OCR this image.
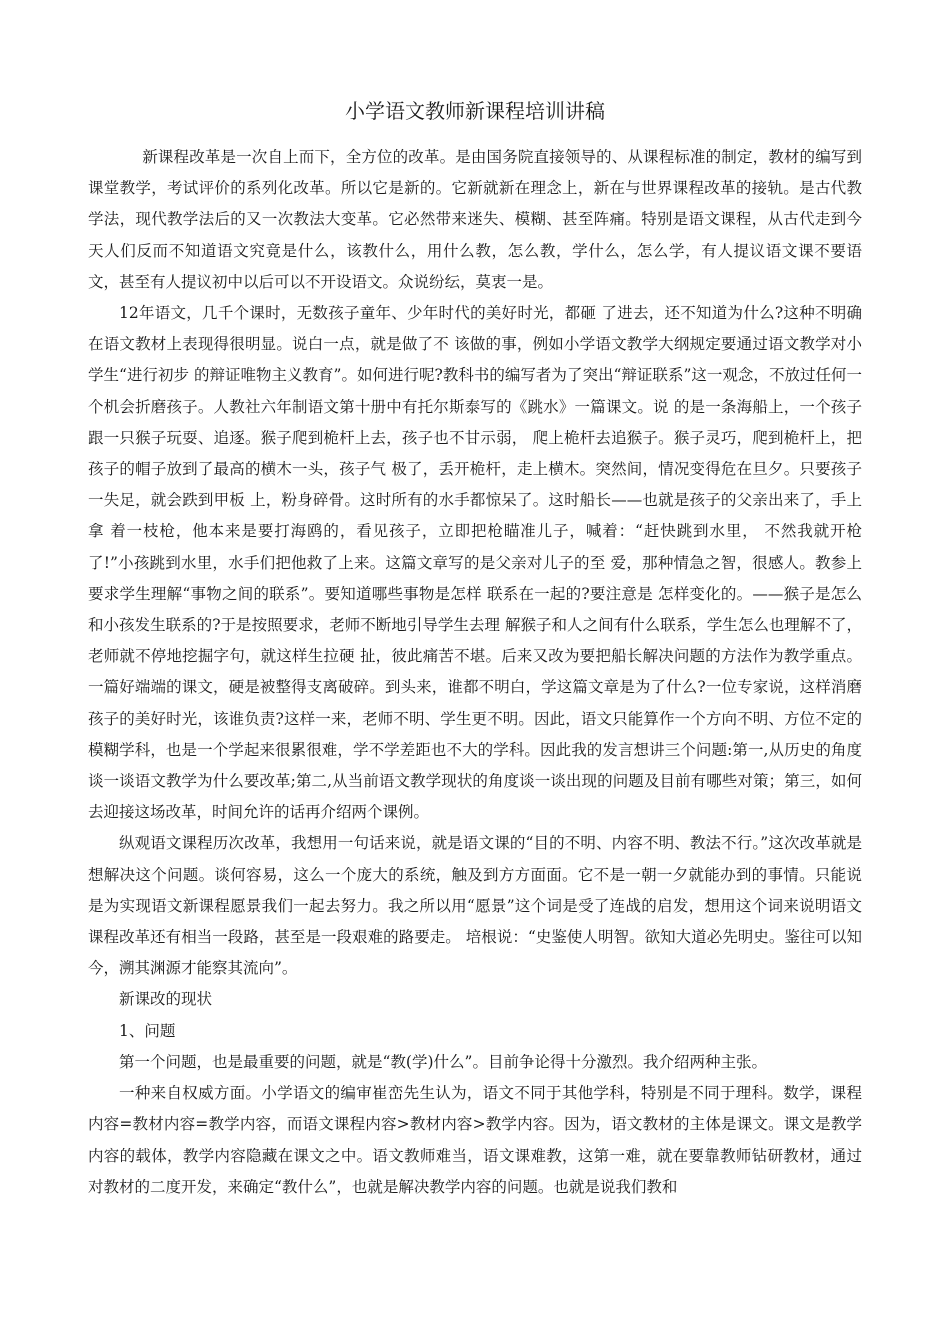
小学语文教师新课程培训讲稿

新课程改革是一次自上而下，全方位的改革。是由国务院直接领导的、从课程标准的制定，教材的编写到课堂教学，考试评价的系列化改革。所以它是新的。它新就新在理念上，新在与世界课程改革的接轨。是古代教学法，现代教学法后的又一次教法大变革。它必然带来迷失、模糊、甚至阵痛。特别是语文课程，从古代走到今天人们反而不知道语文究竟是什么，该教什么，用什么教，怎么教，学什么，怎么学，有人提议语文课不要语文，甚至有人提议初中以后可以不开设语文。众说纷纭，莫衷一是。

12年语文，几千个课时，无数孩子童年、少年时代的美好时光，都砸 了进去，还不知道为什么?这种不明确在语文教材上表现得很明显。说白一点，就是做了不 该做的事，例如小学语文教学大纲规定要通过语文教学对小学生“进行初步 的辩证唯物主义教育”。如何进行呢?教科书的编写者为了突出“辩证联系”这一观念，不放过任何一个机会折磨孩子。人教社六年制语文第十册中有托尔斯泰写的《跳水》一篇课文。说 的是一条海船上，一个孩子跟一只猴子玩耍、追逐。猴子爬到桅杆上去，孩子也不甘示弱， 爬上桅杆去追猴子。猴子灵巧，爬到桅杆上，把孩子的帽子放到了最高的横木一头，孩子气 极了，丢开桅杆，走上横木。突然间，情况变得危在旦夕。只要孩子一失足，就会跌到甲板 上，粉身碎骨。这时所有的水手都惊呆了。这时船长——也就是孩子的父亲出来了，手上拿 着一枝枪，他本来是要打海鸥的，看见孩子，立即把枪瞄准儿子，喊着：“赶快跳到水里， 不然我就开枪了!”小孩跳到水里，水手们把他救了上来。这篇文章写的是父亲对儿子的至 爱，那种情急之智，很感人。教参上要求学生理解“事物之间的联系”。要知道哪些事物是怎样 联系在一起的?要注意是 怎样变化的。——猴子是怎么和小孩发生联系的?于是按照要求，老师不断地引导学生去理 解猴子和人之间有什么联系，学生怎么也理解不了，老师就不停地挖掘字句，就这样生拉硬 扯，彼此痛苦不堪。后来又改为要把船长解决问题的方法作为教学重点。一篇好端端的课文，硬是被整得支离破碎。到头来，谁都不明白，学这篇文章是为了什么?一位专家说，这样消磨孩子的美好时光，该谁负责?这样一来，老师不明、学生更不明。因此，语文只能算作一个方向不明、方位不定的模糊学科，也是一个学起来很累很难，学不学差距也不大的学科。因此我的发言想讲三个问题:第一,从历史的角度谈一谈语文教学为什么要改革;第二,从当前语文教学现状的角度谈一谈出现的问题及目前有哪些对策；第三，如何去迎接这场改革，时间允许的话再介绍两个课例。

纵观语文课程历次改革，我想用一句话来说，就是语文课的“目的不明、内容不明、教法不行。”这次改革就是想解决这个问题。谈何容易，这么一个庞大的系统，触及到方方面面。它不是一朝一夕就能办到的事情。只能说是为实现语文新课程愿景我们一起去努力。我之所以用“愿景”这个词是受了连战的启发，想用这个词来说明语文课程改革还有相当一段路，甚至是一段艰难的路要走。 培根说：“史鉴使人明智。欲知大道必先明史。鉴往可以知今，溯其渊源才能察其流向”。

新课改的现状

1、问题

第一个问题，也是最重要的问题，就是“教(学)什么”。目前争论得十分激烈。我介绍两种主张。

一种来自权威方面。小学语文的编审崔峦先生认为，语文不同于其他学科，特别是不同于理科。数学，课程内容=教材内容=教学内容，而语文课程内容>教材内容>教学内容。因为，语文教材的主体是课文。课文是教学内容的载体，教学内容隐藏在课文之中。语文教师难当，语文课难教，这第一难，就在要靠教师钻研教材，通过对教材的二度开发，来确定“教什么”，也就是解决教学内容的问题。也就是说我们教和
